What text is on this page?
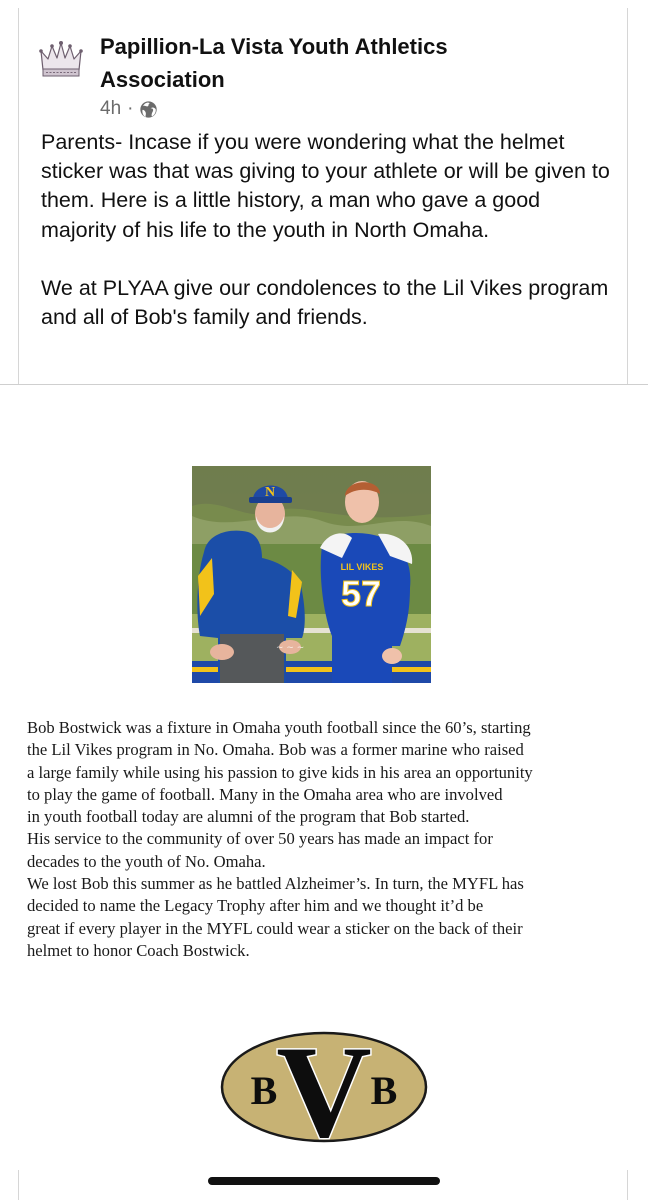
Papillion-La Vista Youth Athletics Association
4h ·

Parents- Incase if you were wondering what the helmet sticker was that was giving to your athlete or will be given to them. Here is a little history, a man who gave a good majority of his life to the youth in North Omaha.

We at PLYAA give our condolences to the Lil Vikes program and all of Bob's family and friends.

N
LIL VIKES
57
~ ~ ~
Bob Bostwick was a fixture in Omaha youth football since the 60’s, starting
the Lil Vikes program in No. Omaha. Bob was a former marine who raised
a large family while using his passion to give kids in his area an opportunity
to play the game of football. Many in the Omaha area who are involved
in youth football today are alumni of the program that Bob started.
His service to the community of over 50 years has made an impact for
decades to the youth of No. Omaha.
We lost Bob this summer as he battled Alzheimer’s. In turn, the MYFL has
decided to name the Legacy Trophy after him and we thought it’d be
great if every player in the MYFL could wear a sticker on the back of their
helmet to honor Coach Bostwick.
V
B B
